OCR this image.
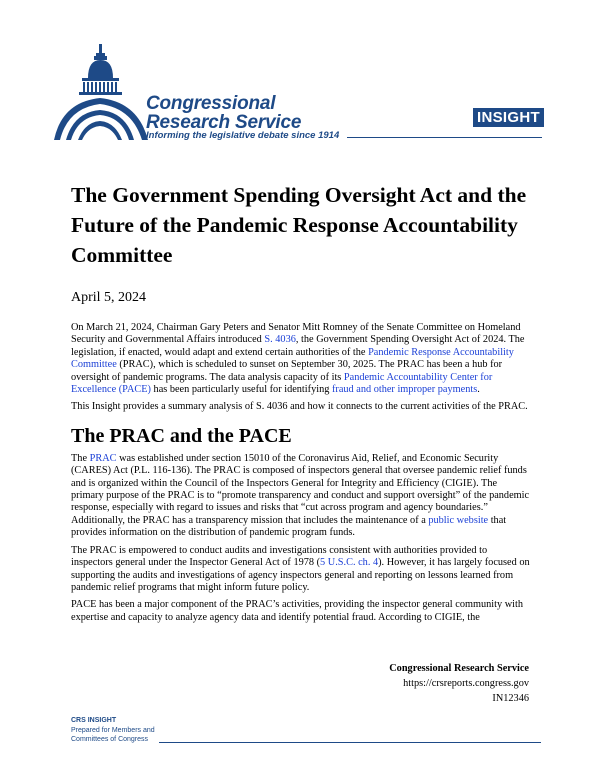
Congressional
Research Service
Informing the legislative debate since 1914
INSIGHT
The Government Spending Oversight Act and the Future of the Pandemic Response Accountability Committee
April 5, 2024

On March 21, 2024, Chairman Gary Peters and Senator Mitt Romney of the Senate Committee on Homeland Security and Governmental Affairs introduced S. 4036, the Government Spending Oversight Act of 2024. The legislation, if enacted, would adapt and extend certain authorities of the Pandemic Response Accountability Committee (PRAC), which is scheduled to sunset on September 30, 2025. The PRAC has been a hub for oversight of pandemic programs. The data analysis capacity of its Pandemic Accountability Center for Excellence (PACE) has been particularly useful for identifying fraud and other improper payments.

This Insight provides a summary analysis of S. 4036 and how it connects to the current activities of the PRAC.

The PRAC and the PACE

The PRAC was established under section 15010 of the Coronavirus Aid, Relief, and Economic Security (CARES) Act (P.L. 116-136). The PRAC is composed of inspectors general that oversee pandemic relief funds and is organized within the Council of the Inspectors General for Integrity and Efficiency (CIGIE). The primary purpose of the PRAC is to “promote transparency and conduct and support oversight” of the pandemic response, especially with regard to issues and risks that “cut across program and agency boundaries.” Additionally, the PRAC has a transparency mission that includes the maintenance of a public website that provides information on the distribution of pandemic program funds.

The PRAC is empowered to conduct audits and investigations consistent with authorities provided to inspectors general under the Inspector General Act of 1978 (5 U.S.C. ch. 4). However, it has largely focused on supporting the audits and investigations of agency inspectors general and reporting on lessons learned from pandemic relief programs that might inform future policy.

PACE has been a major component of the PRAC’s activities, providing the inspector general community with expertise and capacity to analyze agency data and identify potential fraud. According to CIGIE, the

Congressional Research Service
https://crsreports.congress.gov
IN12346
CRS INSIGHT
Prepared for Members and
Committees of Congress
